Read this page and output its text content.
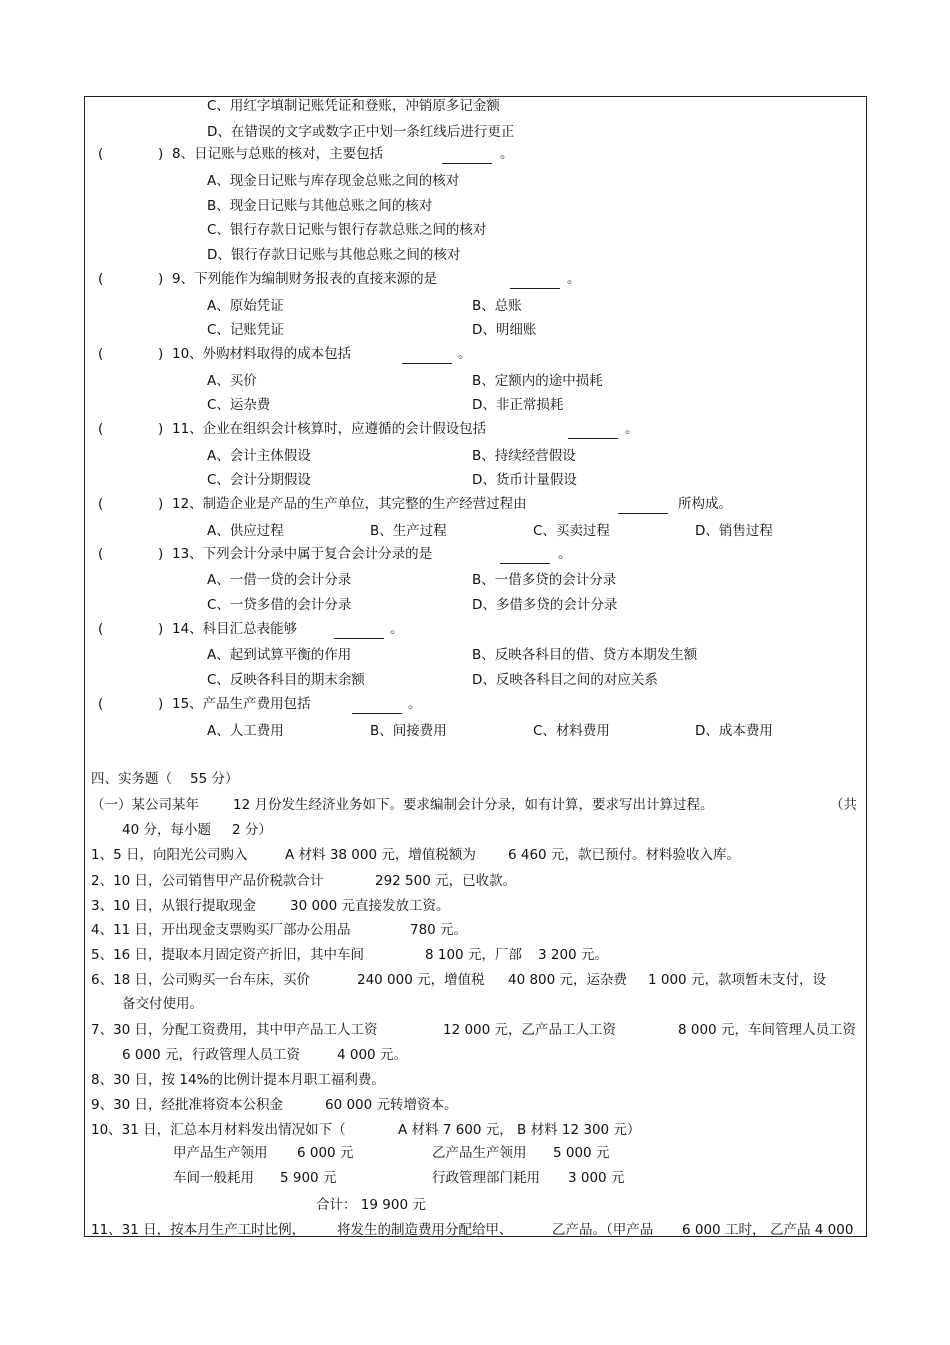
C、用红字填制记账凭证和登账，冲销原多记金额
D、在错误的文字或数字正中划一条红线后进行更正
(	) 8、日记账与总账的核对，主要包括	。
A、现金日记账与库存现金总账之间的核对
B、现金日记账与其他总账之间的核对
C、银行存款日记账与银行存款总账之间的核对
D、银行存款日记账与其他总账之间的核对
(	) 9、下列能作为编制财务报表的直接来源的是	。
A、原始凭证	B、总账
C、记账凭证	D、明细账
(	) 10、外购材料取得的成本包括	。
A、买价	B、定额内的途中损耗
C、运杂费	D、非正常损耗
(	) 11、企业在组织会计核算时，应遵循的会计假设包括	。
A、会计主体假设	B、持续经营假设
C、会计分期假设	D、货币计量假设
(	) 12、制造企业是产品的生产单位，其完整的生产经营过程由	所构成。
A、供应过程	B、生产过程	C、买卖过程	D、销售过程
(	) 13、下列会计分录中属于复合会计分录的是	。
A、一借一贷的会计分录	B、一借多贷的会计分录
C、一贷多借的会计分录	D、多借多贷的会计分录
(	) 14、科目汇总表能够	。
A、起到试算平衡的作用	B、反映各科目的借、贷方本期发生额
C、反映各科目的期末余额	D、反映各科目之间的对应关系
(	) 15、产品生产费用包括	。
A、人工费用	B、间接费用	C、材料费用	D、成本费用
四、实务题（ 55 分）
（一）某公司某年	12 月份发生经济业务如下。要求编制会计分录，如有计算，要求写出计算过程。	（共
40 分，每小题 2 分）
1、5 日，向阳光公司购入	A 材料 38 000 元，增值税额为 6 460 元，款已预付。材料验收入库。
2、10 日，公司销售甲产品价税款合计	292 500 元，已收款。
3、10 日，从银行提取现金	30 000 元直接发放工资。
4、11 日，开出现金支票购买厂部办公用品	780 元。
5、16 日，提取本月固定资产折旧，其中车间	8 100 元，厂部 3 200 元。
6、18 日，公司购买一台车床，买价	240 000 元，增值税 40 800 元，运杂费 1 000 元，款项暂未支付，设
备交付使用。
7、30 日，分配工资费用，其中甲产品工人工资	12 000 元，乙产品工人工资	8 000 元，车间管理人员工资
6 000 元，行政管理人员工资	4 000 元。
8、30 日，按 14%的比例计提本月职工福利费。
9、30 日，经批准将资本公积金	60 000 元转增资本。
10、31 日，汇总本月材料发出情况如下（	A 材料 7 600 元， B 材料 12 300 元）
甲产品生产领用 6 000 元	乙产品生产领用 5 000 元
车间一般耗用 5 900 元	行政管理部门耗用 3 000 元
合计： 19 900 元
11、31 日，按本月生产工时比例， 将发生的制造费用分配给甲、	乙产品。（甲产品 6 000 工时， 乙产品 4 000
